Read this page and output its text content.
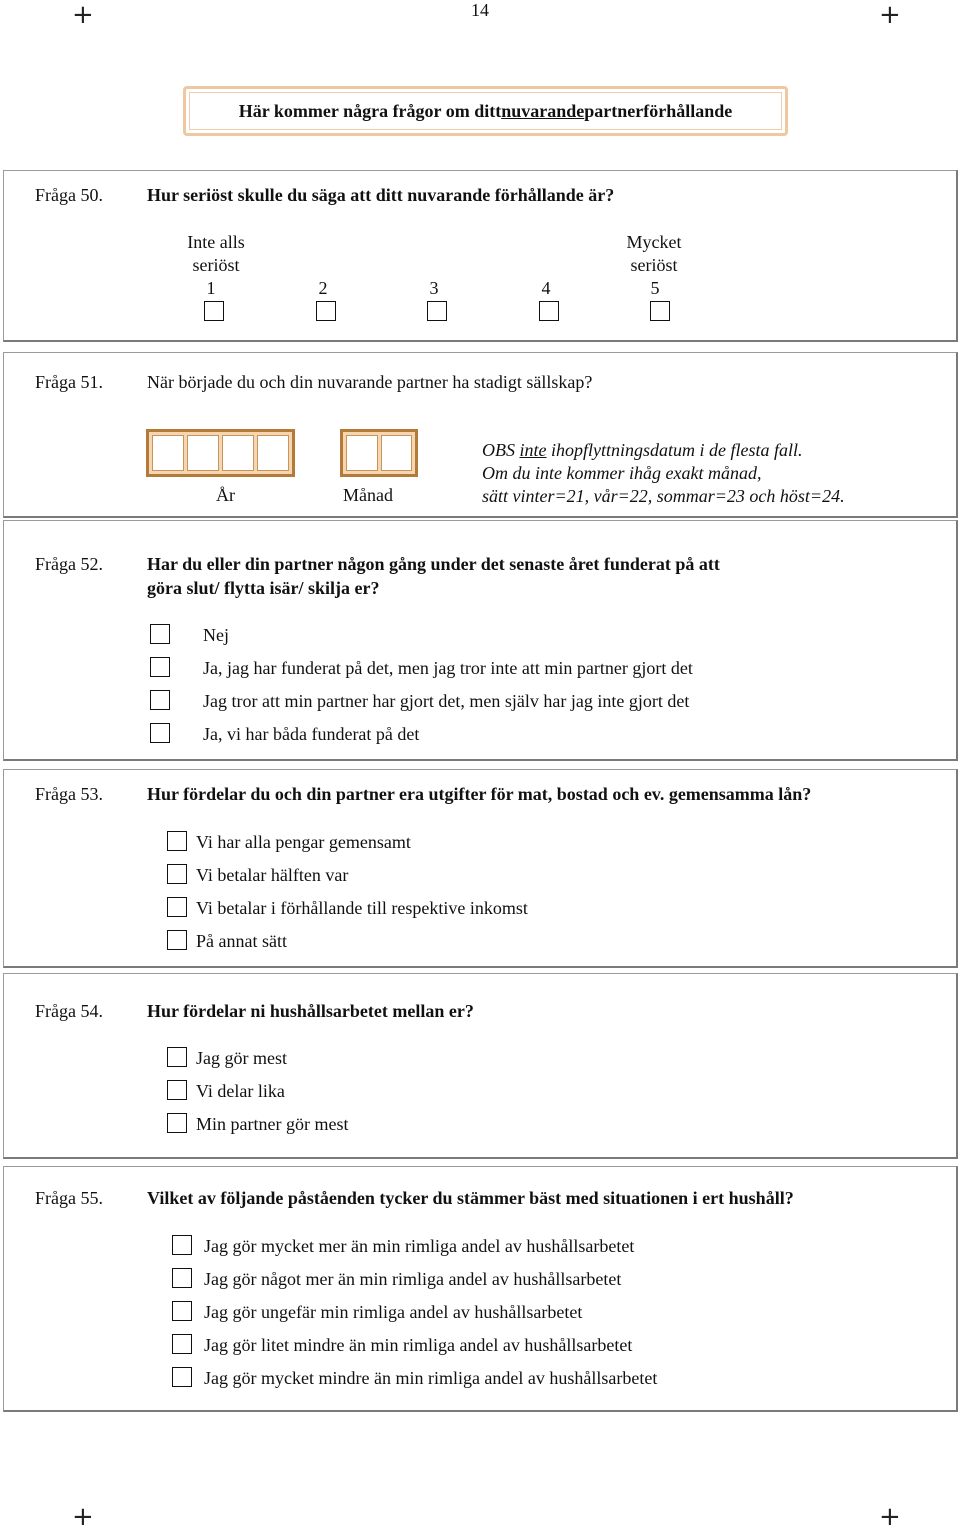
+	+
14
+	+
Här kommer några frågor om ditt nuvarande partnerförhållande
Fråga 50. Hur seriöst skulle du säga att ditt nuvarande förhållande är?
Inte alls
seriöst
Mycket
seriöst
1	2	3	4	5
Fråga 51. När började du och din nuvarande partner ha stadigt sällskap?
År	Månad
OBS inte ihopflyttningsdatum i de flesta fall.
Om du inte kommer ihåg exakt månad,
sätt vinter=21, vår=22, sommar=23 och höst=24.
Fråga 52. Har du eller din partner någon gång under det senaste året funderat på att
göra slut/ flytta isär/ skilja er?
Nej
Ja, jag har funderat på det, men jag tror inte att min partner gjort det
Jag tror att min partner har gjort det, men själv har jag inte gjort det
Ja, vi har båda funderat på det
Fråga 53. Hur fördelar du och din partner era utgifter för mat, bostad och ev. gemensamma lån?
Vi har alla pengar gemensamt
Vi betalar hälften var
Vi betalar i förhållande till respektive inkomst
På annat sätt
Fråga 54. Hur fördelar ni hushållsarbetet mellan er?
Jag gör mest
Vi delar lika
Min partner gör mest
Fråga 55. Vilket av följande påståenden tycker du stämmer bäst med situationen i ert hushåll?
Jag gör mycket mer än min rimliga andel av hushållsarbetet
Jag gör något mer än min rimliga andel av hushållsarbetet
Jag gör ungefär min rimliga andel av hushållsarbetet
Jag gör litet mindre än min rimliga andel av hushållsarbetet
Jag gör mycket mindre än min rimliga andel av hushållsarbetet
